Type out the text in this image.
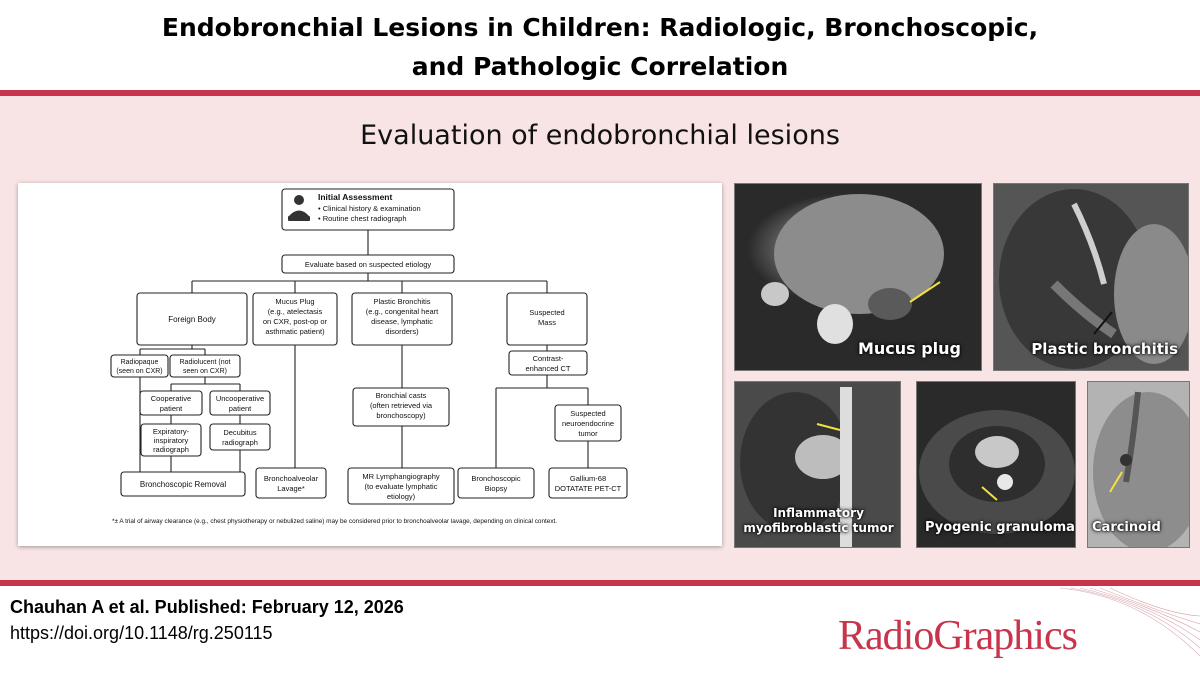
Endobronchial Lesions in Children: Radiologic, Bronchoscopic,
and Pathologic Correlation
Evaluation of endobronchial lesions
Initial Assessment
• Clinical history & examination
• Routine chest radiograph
Evaluate based on suspected etiology
Foreign Body
Mucus Plug
(e.g., atelectasis
on CXR, post-op or
asthmatic patient)
Plastic Bronchitis
(e.g., congenital heart
disease, lymphatic
disorders)
Suspected
Mass
Radiopaque
(seen on CXR)
Radiolucent (not
seen on CXR)
Cooperative
patient
Uncooperative
patient
Expiratory-
inspiratory
radiograph
Decubitus
radiograph
Bronchoscopic Removal
Bronchoalveolar
Lavage*
Bronchial casts
(often retrieved via
bronchoscopy)
MR Lymphangiography
(to evaluate lymphatic
etiology)
Contrast-
enhanced CT
Suspected
neuroendocrine
tumor
Bronchoscopic
Biopsy
Gallium-68
DOTATATE PET-CT
*± A trial of airway clearance (e.g., chest physiotherapy or nebulized saline) may be considered prior to bronchoalveolar lavage, depending on clinical context.
Mucus plug	Plastic bronchitis
Inflammatory
myofibroblastic tumor	Pyogenic granuloma Carcinoid
Chauhan A et al. Published: February 12, 2026
https://doi.org/10.1148/rg.250115	RadioGraphics
